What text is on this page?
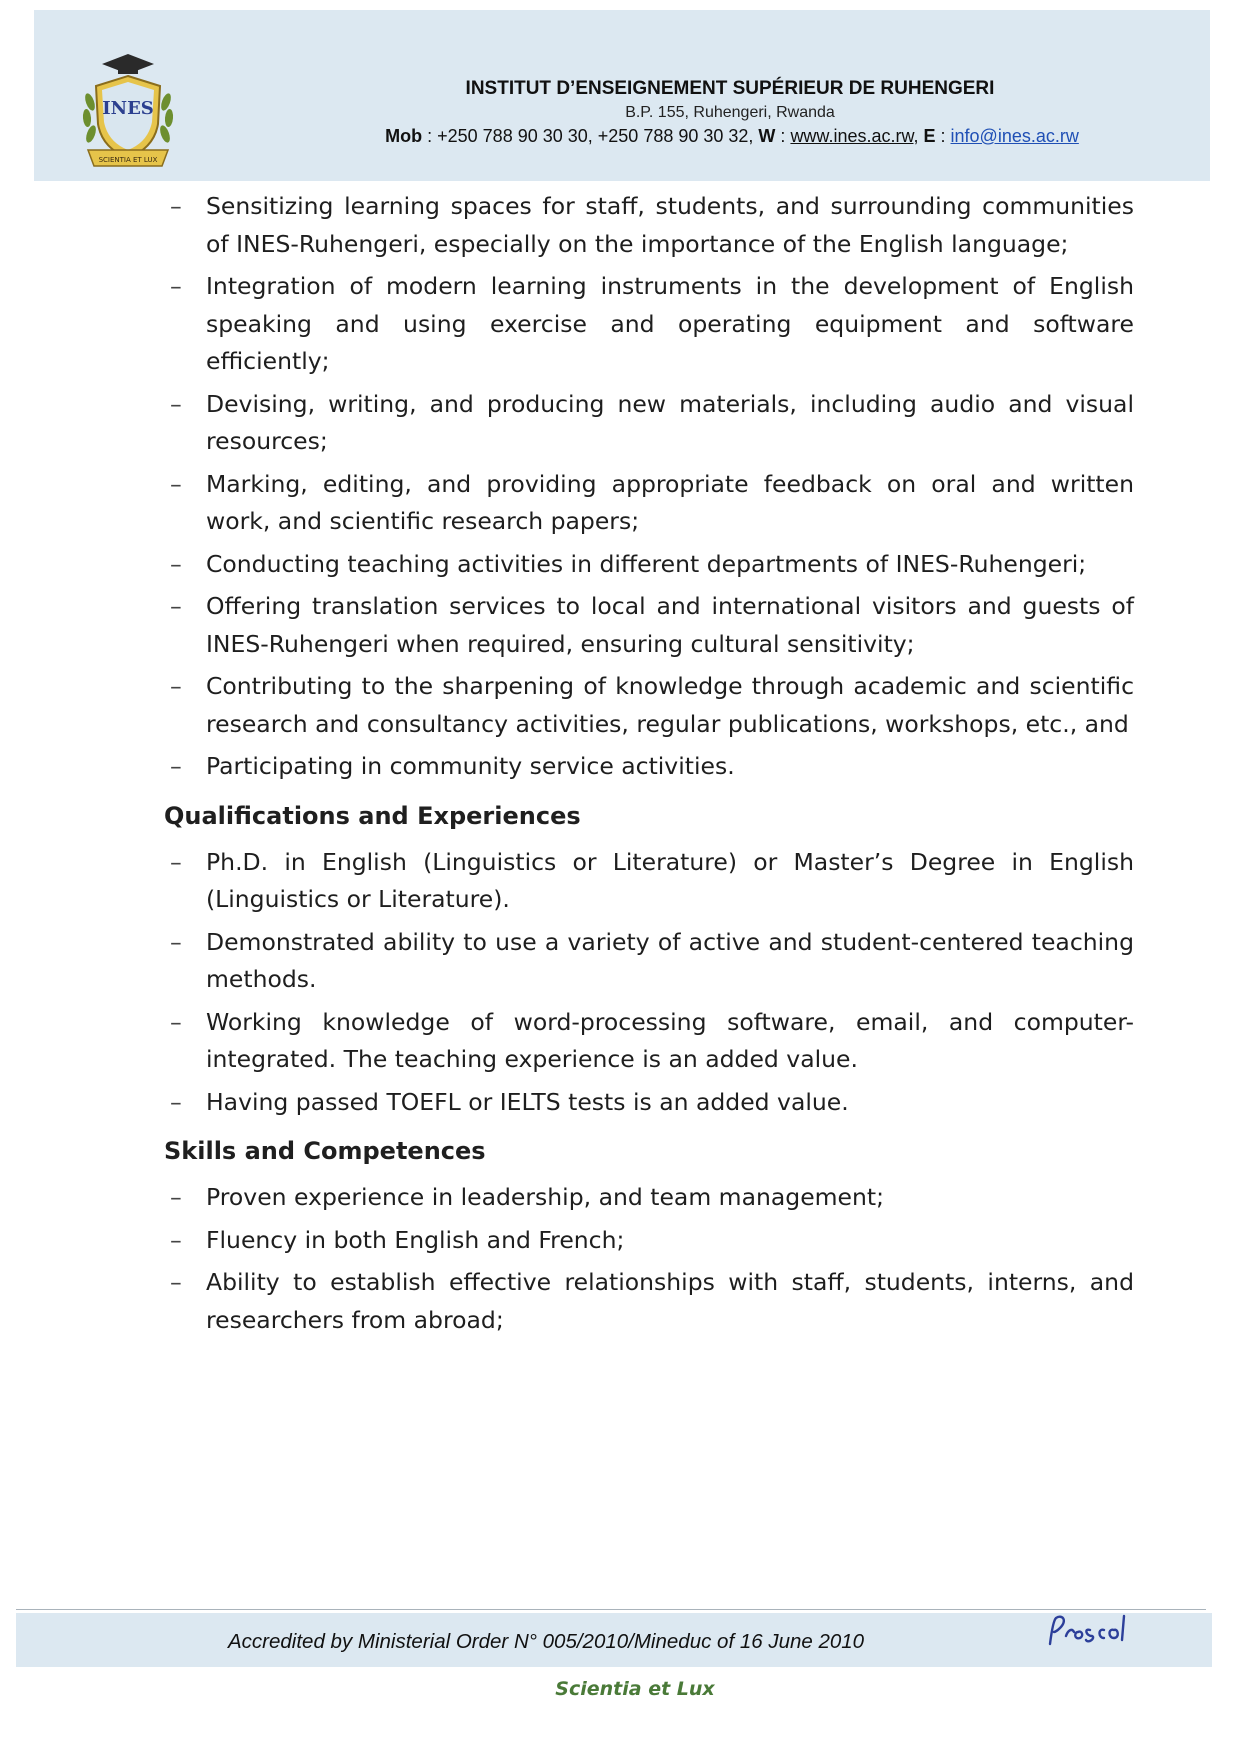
INES
SCIENTIA ET LUX
INSTITUT D’ENSEIGNEMENT SUPÉRIEUR DE RUHENGERI
B.P. 155, Ruhengeri, Rwanda
Mob : +250 788 90 30 30, +250 788 90 30 32, W : www.ines.ac.rw, E : info@ines.ac.rw
– Sensitizing learning spaces for staff, students, and surrounding communities of INES-Ruhengeri, especially on the importance of the English language;
– Integration of modern learning instruments in the development of English speaking and using exercise and operating equipment and software efficiently;
– Devising, writing, and producing new materials, including audio and visual resources;
– Marking, editing, and providing appropriate feedback on oral and written work, and scientific research papers;
– Conducting teaching activities in different departments of INES-Ruhengeri;
– Offering translation services to local and international visitors and guests of INES-Ruhengeri when required, ensuring cultural sensitivity;
– Contributing to the sharpening of knowledge through academic and scientific research and consultancy activities, regular publications, workshops, etc., and
– Participating in community service activities.
Qualifications and Experiences
– Ph.D. in English (Linguistics or Literature) or Master’s Degree in English (Linguistics or Literature).
– Demonstrated ability to use a variety of active and student-centered teaching methods.
– Working knowledge of word-processing software, email, and computer-integrated. The teaching experience is an added value.
– Having passed TOEFL or IELTS tests is an added value.
Skills and Competences
– Proven experience in leadership, and team management;
– Fluency in both English and French;
– Ability to establish effective relationships with staff, students, interns, and researchers from abroad;
Accredited by Ministerial Order N° 005/2010/Mineduc of 16 June 2010
Scientia et Lux
